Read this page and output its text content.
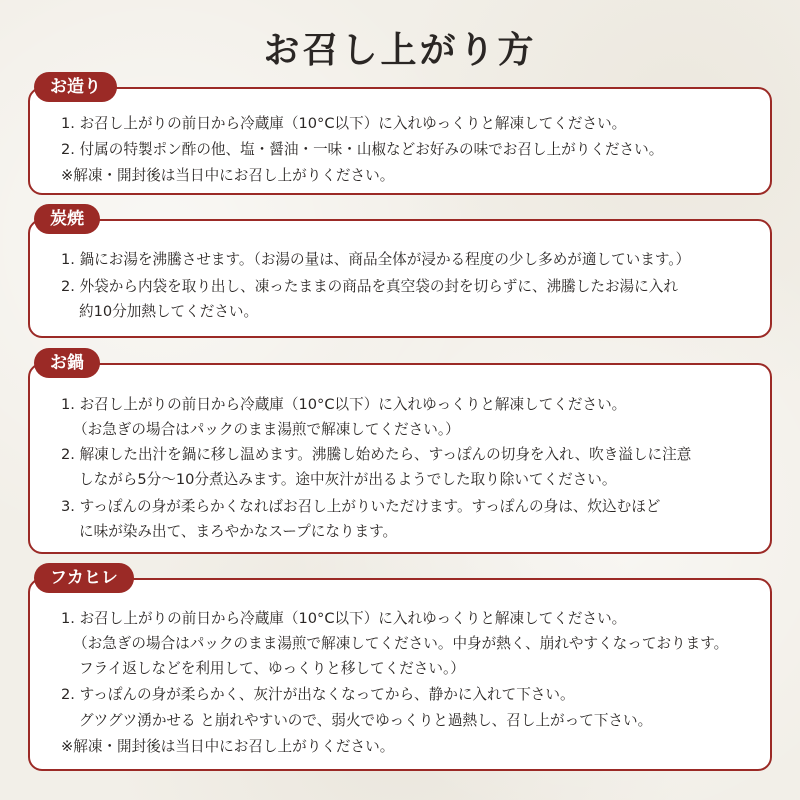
お召し上がり方
お造り
1. お召し上がりの前日から冷蔵庫（10°C以下）に入れゆっくりと解凍してください。
2. 付属の特製ポン酢の他、塩・醤油・一味・山椒などお好みの味でお召し上がりください。
※解凍・開封後は当日中にお召し上がりください。
炭焼
1. 鍋にお湯を沸騰させます。（お湯の量は、商品全体が浸かる程度の少し多めが適しています。）
2. 外袋から内袋を取り出し、凍ったままの商品を真空袋の封を切らずに、沸騰したお湯に入れ
約10分加熱してください。
お鍋
1. お召し上がりの前日から冷蔵庫（10°C以下）に入れゆっくりと解凍してください。
（お急ぎの場合はパックのまま湯煎で解凍してください。）
2. 解凍した出汁を鍋に移し温めます。沸騰し始めたら、すっぽんの切身を入れ、吹き溢しに注意
しながら5分〜10分煮込みます。途中灰汁が出るようでした取り除いてください。
3. すっぽんの身が柔らかくなればお召し上がりいただけます。すっぽんの身は、炊込むほど
に味が染み出て、まろやかなスープになります。
フカヒレ
1. お召し上がりの前日から冷蔵庫（10°C以下）に入れゆっくりと解凍してください。
（お急ぎの場合はパックのまま湯煎で解凍してください。中身が熱く、崩れやすくなっております。
フライ返しなどを利用して、ゆっくりと移してください。）
2. すっぽんの身が柔らかく、灰汁が出なくなってから、静かに入れて下さい。
グツグツ湧かせる と崩れやすいので、弱火でゆっくりと過熱し、召し上がって下さい。
※解凍・開封後は当日中にお召し上がりください。
